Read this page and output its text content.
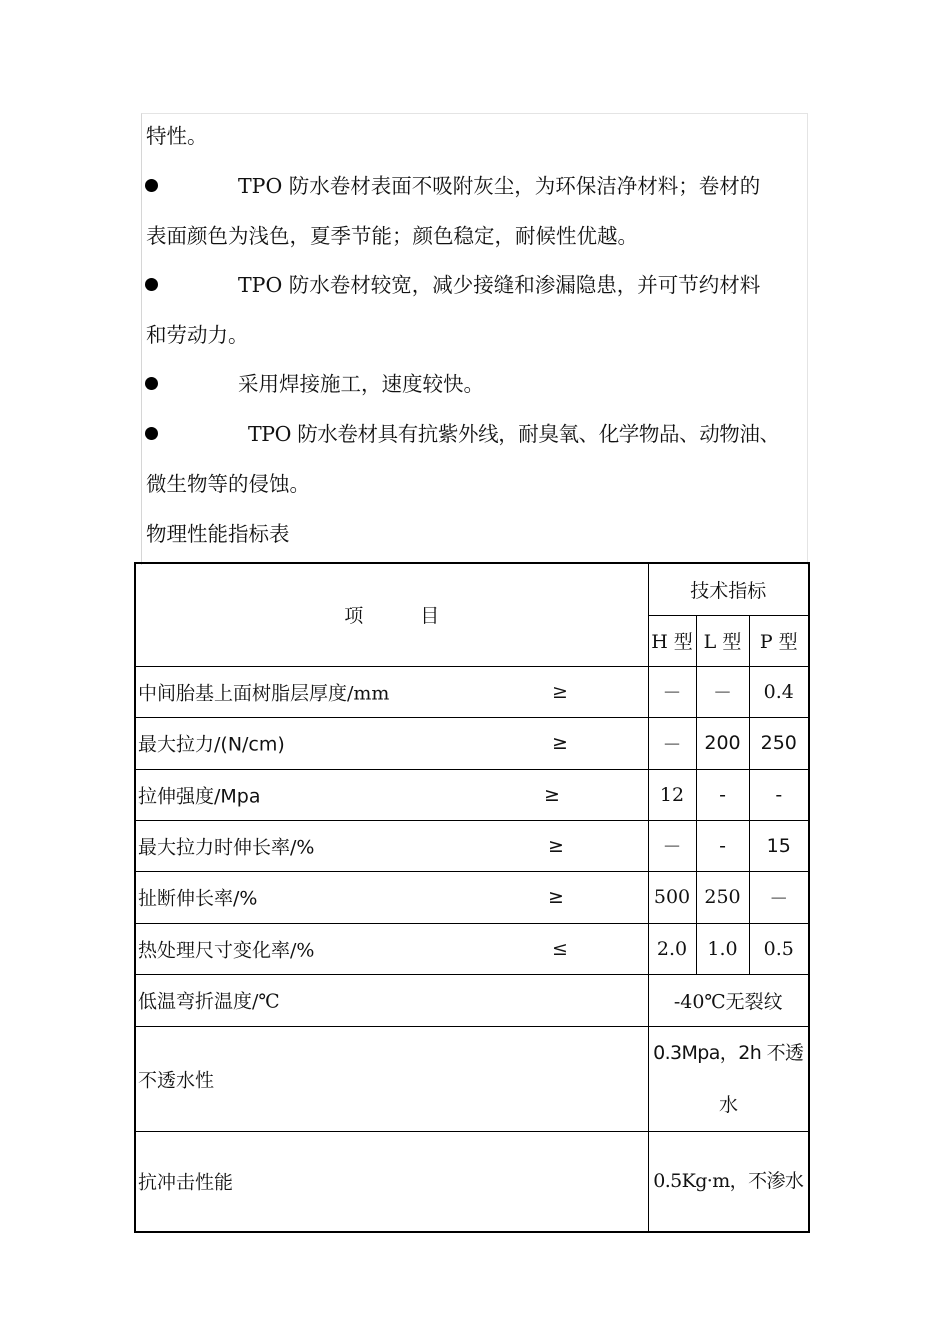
特性。
TPO 防水卷材表面不吸附灰尘，为环保洁净材料；卷材的
表面颜色为浅色，夏季节能；颜色稳定，耐候性优越。
TPO 防水卷材较宽，减少接缝和渗漏隐患，并可节约材料
和劳动力。
采用焊接施工，速度较快。
TPO 防水卷材具有抗紫外线，耐臭氧、化学物品、动物油、
微生物等的侵蚀。
物理性能指标表
项　　　目	技术指标		
	H 型	L 型	P 型

中间胎基上面树脂层厚度/mm ≥	－	－	0.4

最大拉力/(N/cm) ≥	－	200	250

拉伸强度/Mpa ≥	12	-	-

最大拉力时伸长率/% ≥	－	-	15

扯断伸长率/% ≥	500	250	－

热处理尺寸变化率/% ≤	2.0	1.0	0.5

低温弯折温度/℃	-40℃无裂纹		

不透水性	0.3Mpa，2h 不透水		

抗冲击性能	0.5Kg·m，不渗水		
